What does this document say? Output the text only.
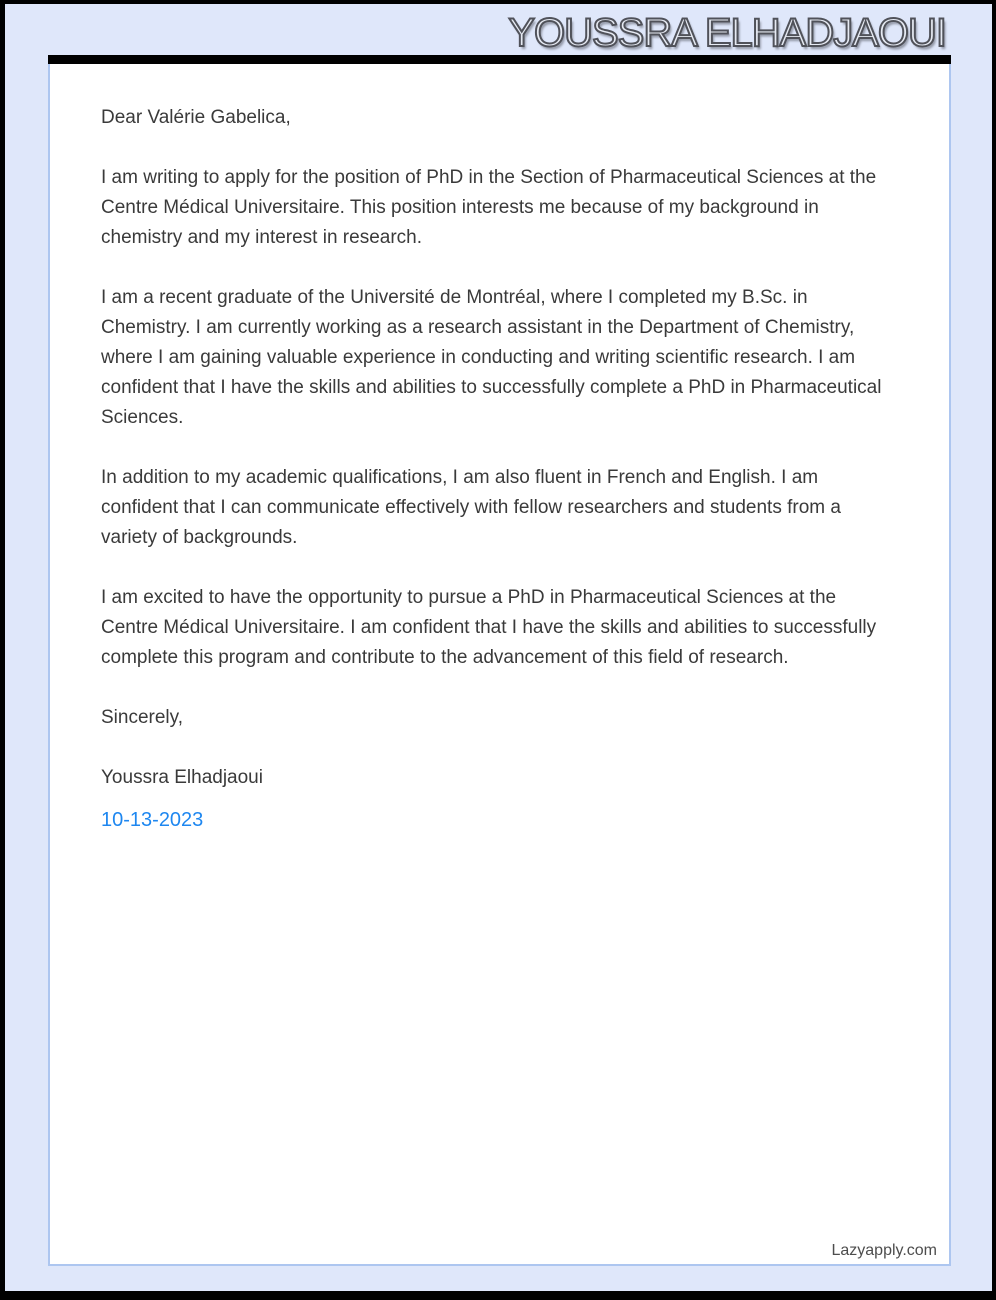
YOUSSRA ELHADJAOUI

Dear Valérie Gabelica,

I am writing to apply for the position of PhD in the Section of Pharmaceutical Sciences at the Centre Médical Universitaire. This position interests me because of my background in chemistry and my interest in research.

I am a recent graduate of the Université de Montréal, where I completed my B.Sc. in Chemistry. I am currently working as a research assistant in the Department of Chemistry, where I am gaining valuable experience in conducting and writing scientific research. I am confident that I have the skills and abilities to successfully complete a PhD in Pharmaceutical Sciences.

In addition to my academic qualifications, I am also fluent in French and English. I am confident that I can communicate effectively with fellow researchers and students from a variety of backgrounds.

I am excited to have the opportunity to pursue a PhD in Pharmaceutical Sciences at the Centre Médical Universitaire. I am confident that I have the skills and abilities to successfully complete this program and contribute to the advancement of this field of research.

Sincerely,

Youssra Elhadjaoui

10-13-2023

Lazyapply.com
